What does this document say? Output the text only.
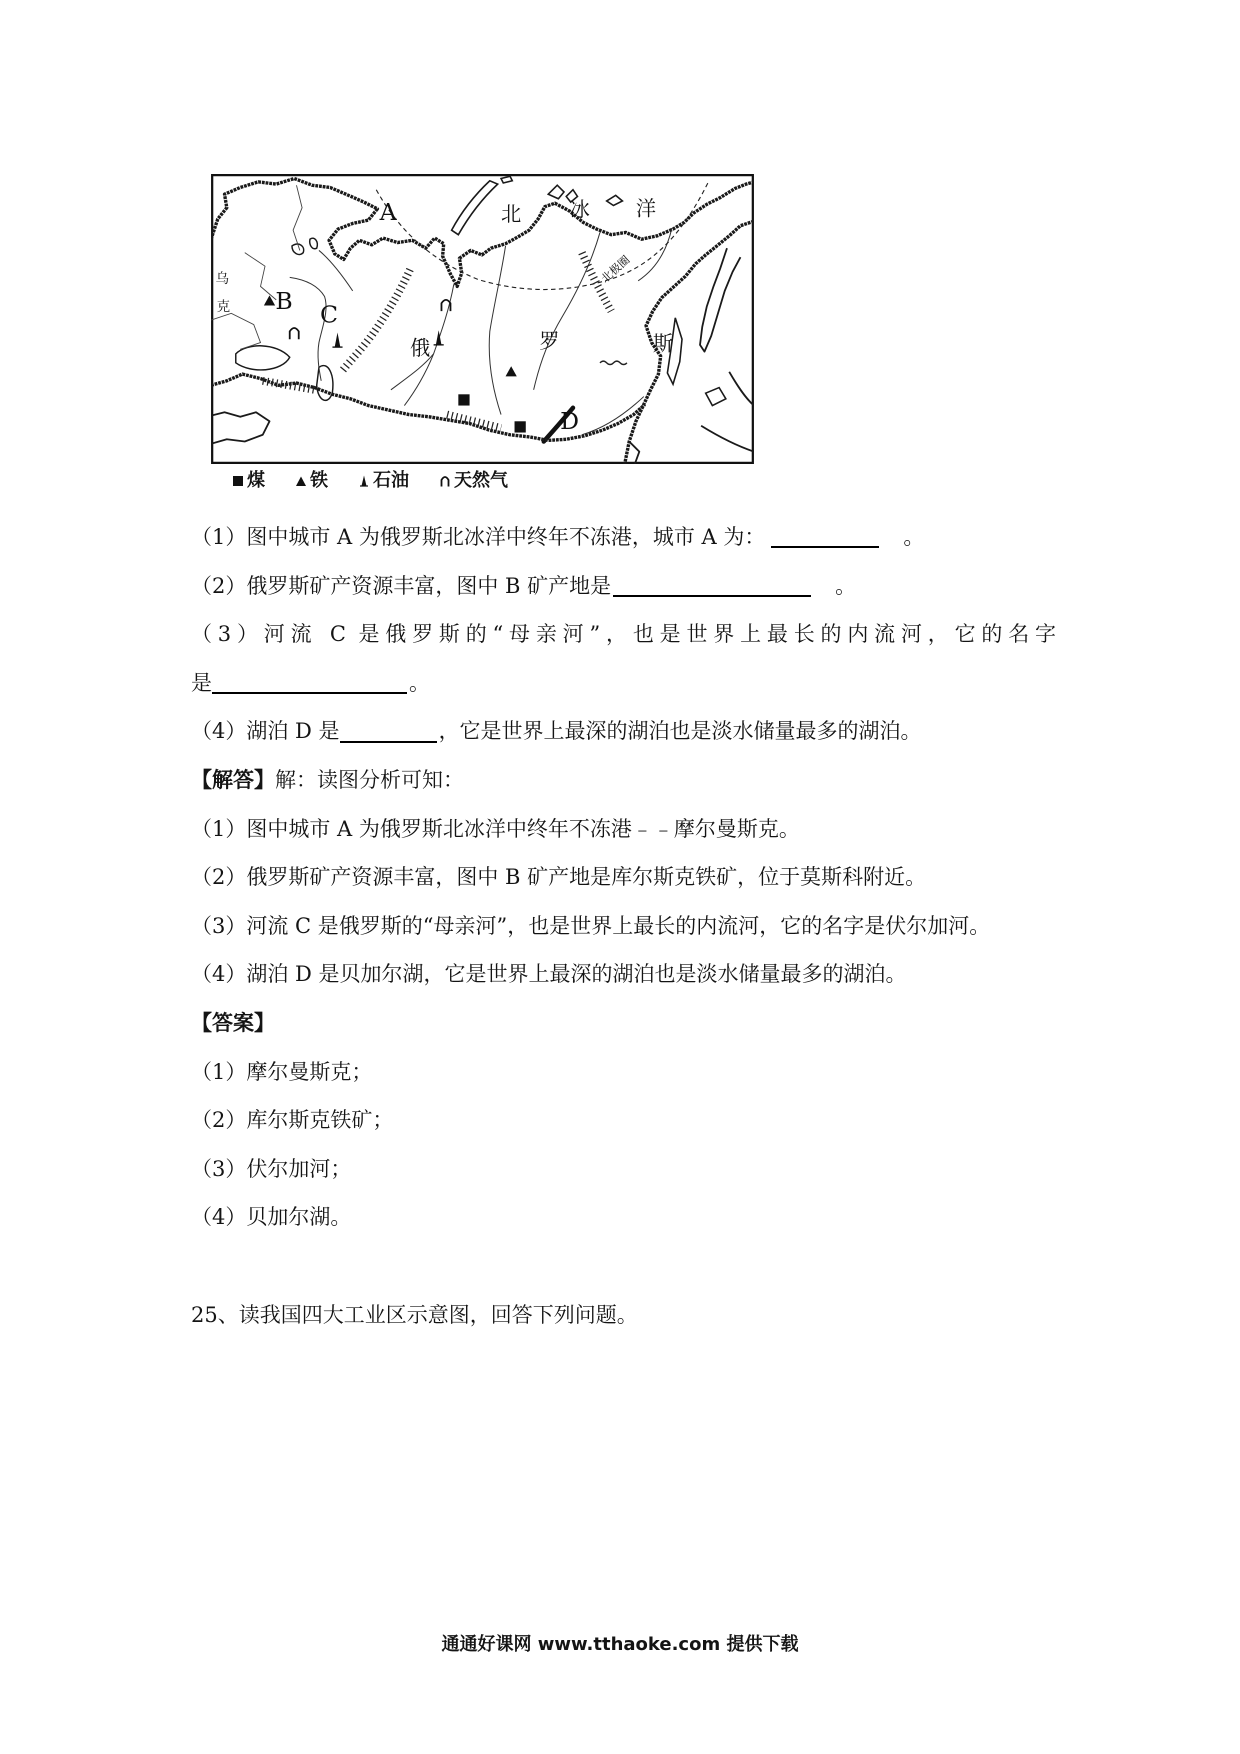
A	北	冰	洋
B C
俄	罗	斯
D
北极圈
乌
克
煤	铁	石油	天然气
（1）图中城市 A 为俄罗斯北冰洋中终年不冻港，城市 A 为：	。
（2）俄罗斯矿产资源丰富，图中 B 矿产地是	。
（3）河流 C 是俄罗斯的“母亲河”，也是世界上最长的内流河，它的名字
是	。
（4）湖泊 D 是	，它是世界上最深的湖泊也是淡水储量最多的湖泊。
【解答】解：读图分析可知：
（1）图中城市 A 为俄罗斯北冰洋中终年不冻港﹣﹣摩尔曼斯克。
（2）俄罗斯矿产资源丰富，图中 B 矿产地是库尔斯克铁矿，位于莫斯科附近。
（3）河流 C 是俄罗斯的“母亲河”，也是世界上最长的内流河，它的名字是伏尔加河。
（4）湖泊 D 是贝加尔湖，它是世界上最深的湖泊也是淡水储量最多的湖泊。
【答案】
（1）摩尔曼斯克；
（2）库尔斯克铁矿；
（3）伏尔加河；
（4）贝加尔湖。
25、读我国四大工业区示意图，回答下列问题。
通通好课网 www.tthaoke.com 提供下载
